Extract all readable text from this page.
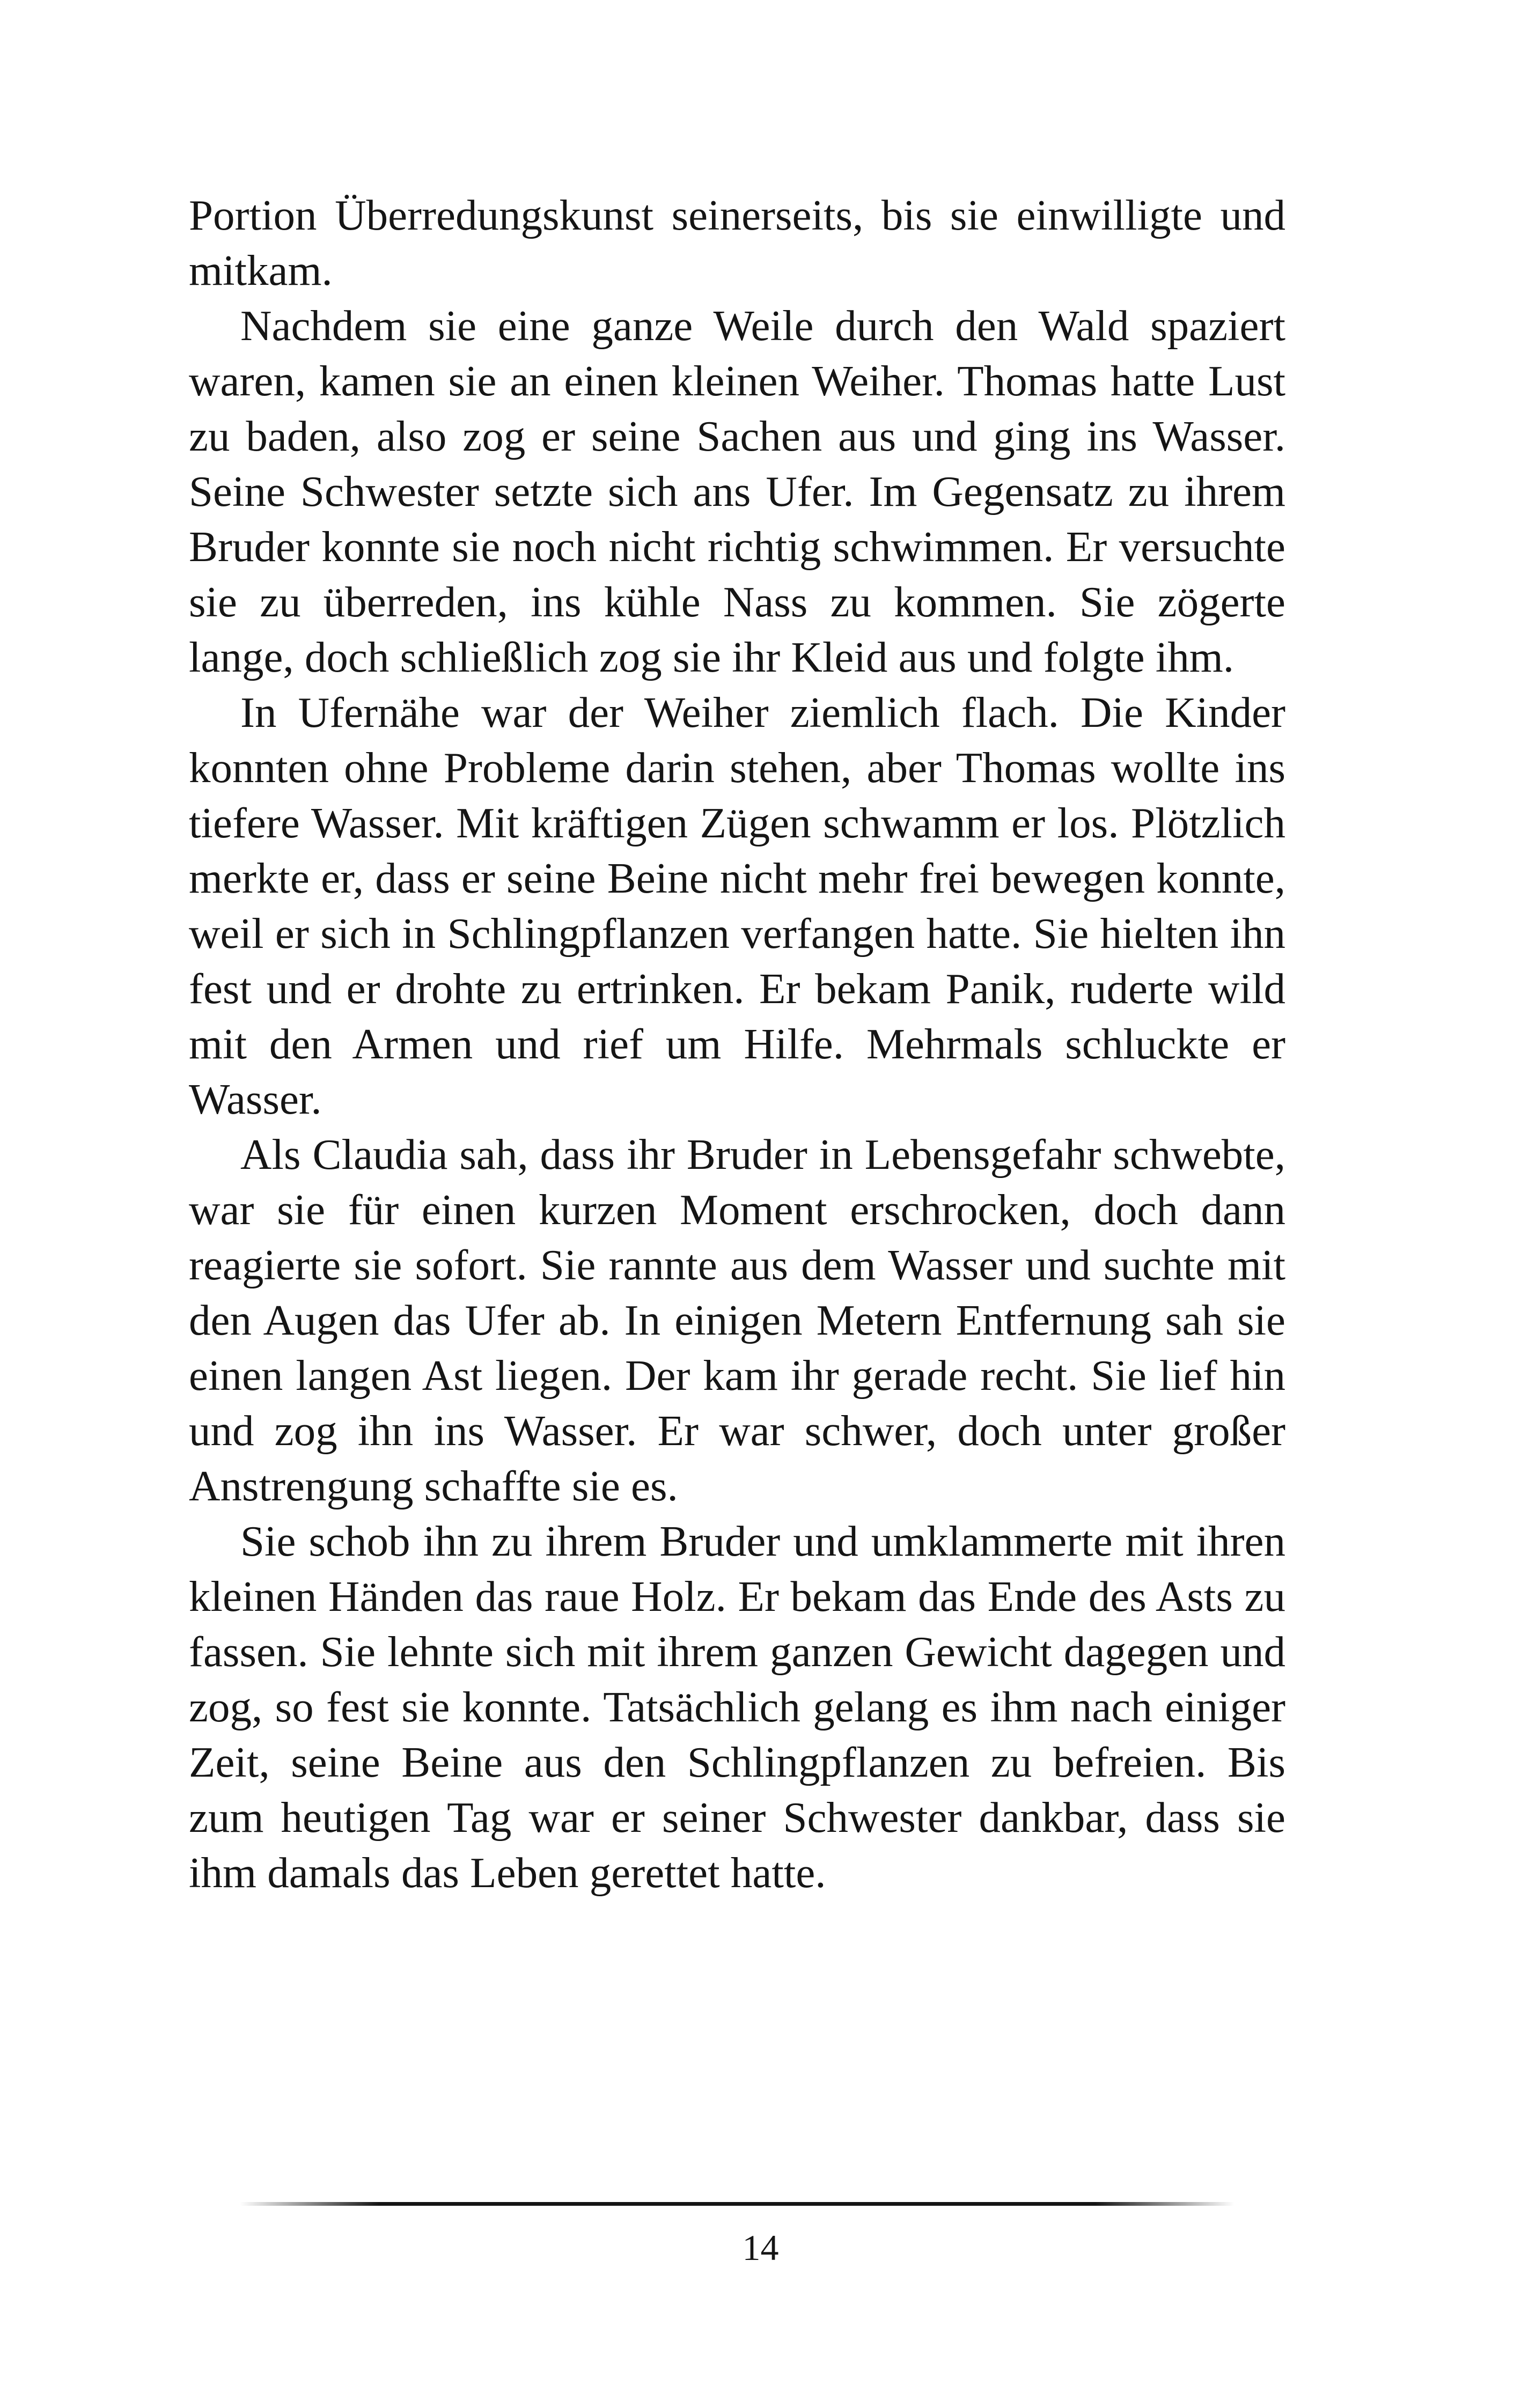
Portion Überredungskunst seinerseits, bis sie einwilligte und mitkam.

Nachdem sie eine ganze Weile durch den Wald spaziert waren, kamen sie an einen kleinen Weiher. Thomas hatte Lust zu baden, also zog er seine Sachen aus und ging ins Wasser. Seine Schwester setzte sich ans Ufer. Im Gegensatz zu ihrem Bruder konnte sie noch nicht richtig schwimmen. Er versuchte sie zu überreden, ins kühle Nass zu kommen. Sie zögerte lange, doch schließlich zog sie ihr Kleid aus und folgte ihm.

In Ufernähe war der Weiher ziemlich flach. Die Kinder konnten ohne Probleme darin stehen, aber Thomas wollte ins tiefere Wasser. Mit kräftigen Zügen schwamm er los. Plötzlich merkte er, dass er seine Beine nicht mehr frei bewegen konnte, weil er sich in Schlingpflanzen verfangen hatte. Sie hielten ihn fest und er drohte zu ertrinken. Er bekam Panik, ruderte wild mit den Armen und rief um Hilfe. Mehrmals schluckte er Wasser.

Als Claudia sah, dass ihr Bruder in Lebensgefahr schwebte, war sie für einen kurzen Moment erschrocken, doch dann reagierte sie sofort. Sie rannte aus dem Wasser und suchte mit den Augen das Ufer ab. In einigen Metern Entfernung sah sie einen langen Ast liegen. Der kam ihr gerade recht. Sie lief hin und zog ihn ins Wasser. Er war schwer, doch unter großer Anstrengung schaffte sie es.

Sie schob ihn zu ihrem Bruder und umklammerte mit ihren kleinen Händen das raue Holz. Er bekam das Ende des Asts zu fassen. Sie lehnte sich mit ihrem ganzen Gewicht dagegen und zog, so fest sie konnte. Tatsächlich gelang es ihm nach einiger Zeit, seine Beine aus den Schlingpflanzen zu befreien. Bis zum heutigen Tag war er seiner Schwester dankbar, dass sie ihm damals das Leben gerettet hatte.

14
